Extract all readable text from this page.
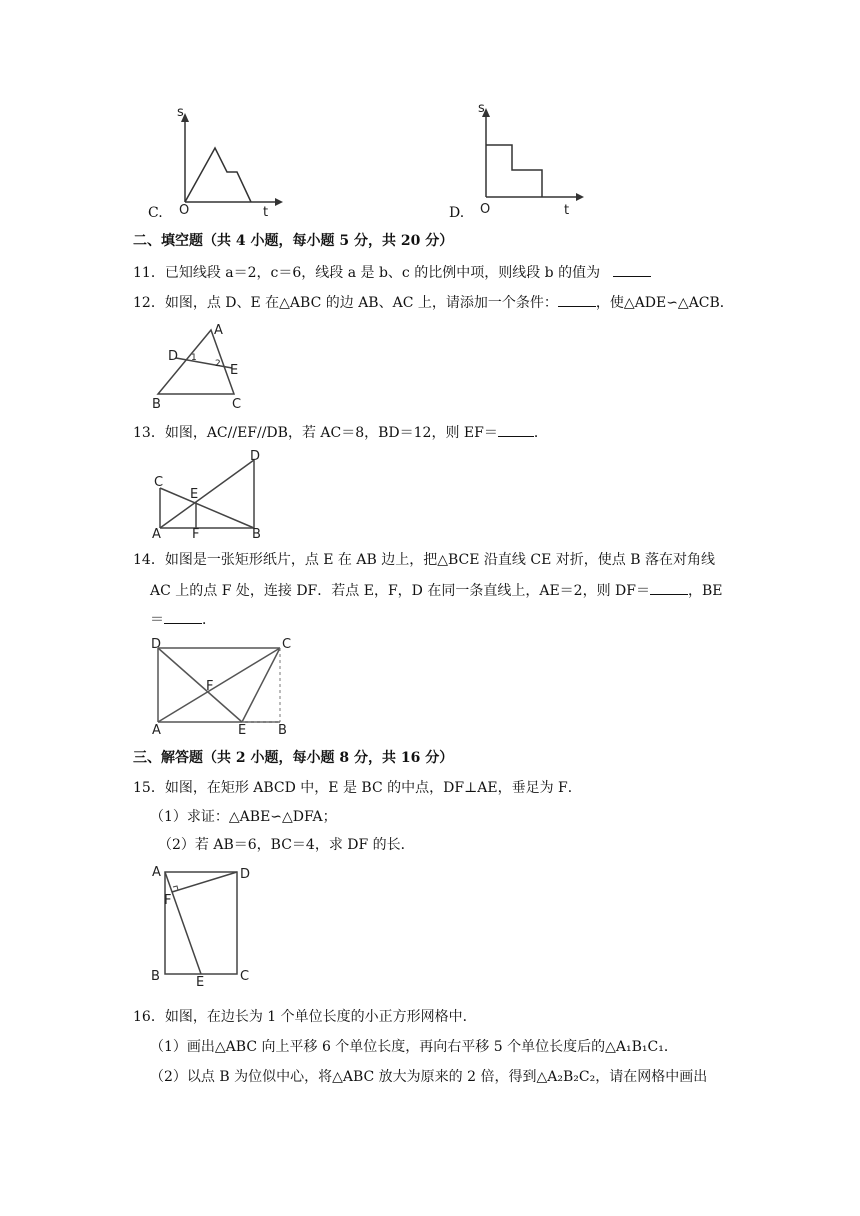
C.
s
t
O	D.
s
t
O
二、填空题（共 4 小题，每小题 5 分，共 20 分）
11．已知线段 a＝2，c＝6，线段 a 是 b、c 的比例中项，则线段 b 的值为
12．如图，点 D、E 在△ABC 的边 AB、AC 上，请添加一个条件：	，使△ADE∽△ACB．
A
B	C
D
E
1
2
13．如图，AC//EF//DB，若 AC＝8，BD＝12，则 EF＝	．
C
D
E
A F	B
14．如图是一张矩形纸片，点 E 在 AB 边上，把△BCE 沿直线 CE 对折，使点 B 落在对角线
AC 上的点 F 处，连接 DF．若点 E，F，D 在同一条直线上，AE＝2，则 DF＝	，BE
＝	．
D	C
F
A	E B
三、解答题（共 2 小题，每小题 8 分，共 16 分）
15．如图，在矩形 ABCD 中，E 是 BC 的中点，DF⊥AE，垂足为 F．
（1）求证：△ABE∽△DFA；
（2）若 AB＝6，BC＝4，求 DF 的长．
A	D
F
B	E	C
16．如图，在边长为 1 个单位长度的小正方形网格中．
（1）画出△ABC 向上平移 6 个单位长度，再向右平移 5 个单位长度后的△A₁B₁C₁．
（2）以点 B 为位似中心，将△ABC 放大为原来的 2 倍，得到△A₂B₂C₂，请在网格中画出
